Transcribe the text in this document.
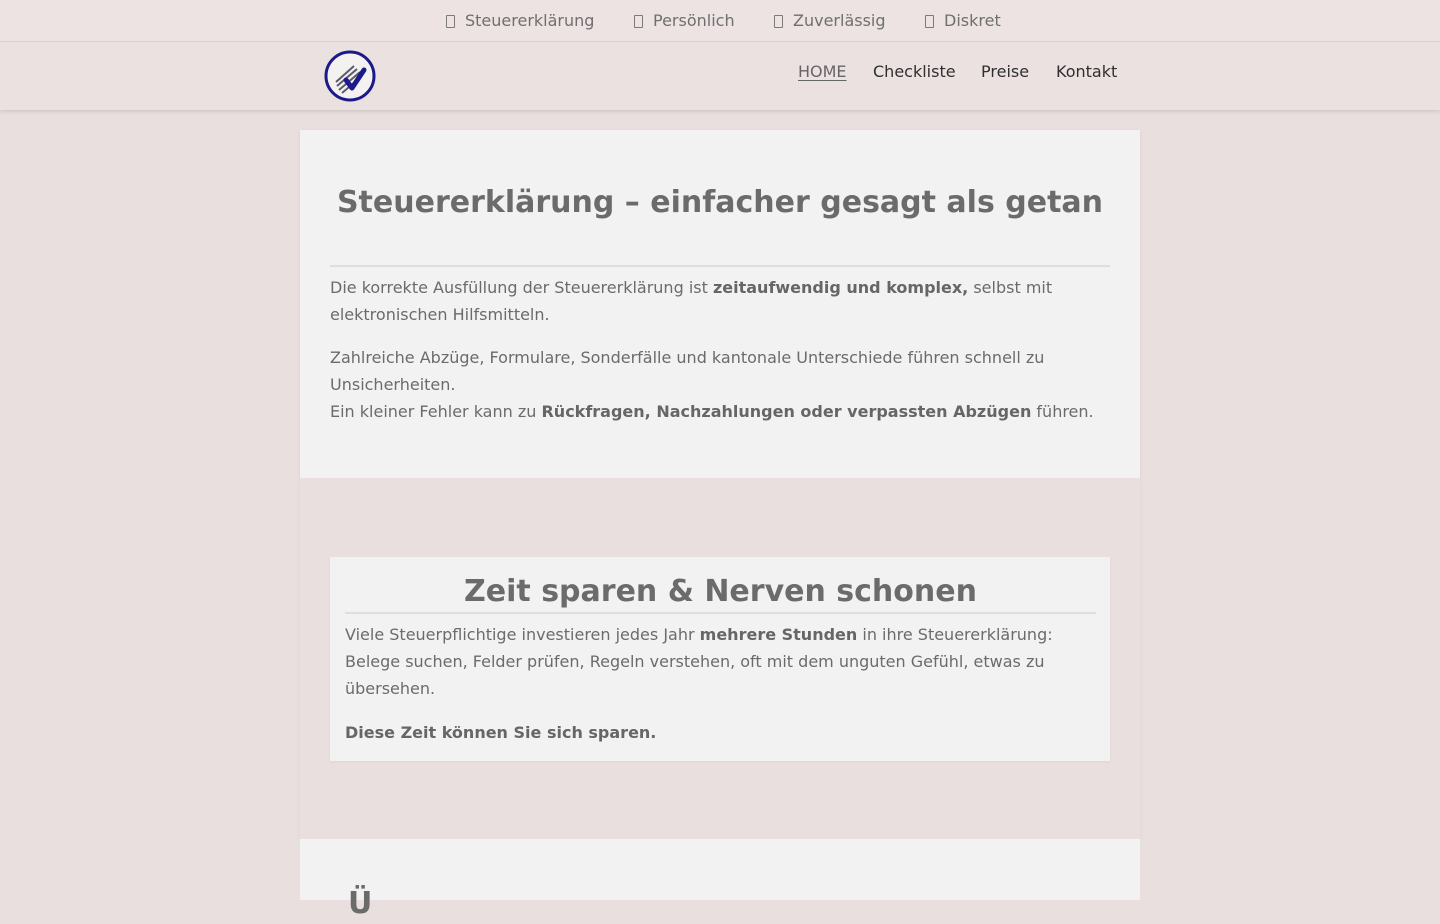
Steuererklärung	Persönlich	Zuverlässig	Diskret
HOME Checkliste Preise Kontakt
Steuererklärung – einfacher gesagt als getan

Die korrekte Ausfüllung der Steuererklärung ist zeitaufwendig und komplex, selbst mit elektronischen Hilfsmitteln.

Zahlreiche Abzüge, Formulare, Sonderfälle und kantonale Unterschiede führen schnell zu Unsicherheiten.
Ein kleiner Fehler kann zu Rückfragen, Nachzahlungen oder verpassten Abzügen führen.

Zeit sparen & Nerven schonen

Viele Steuerpflichtige investieren jedes Jahr mehrere Stunden in ihre Steuererklärung: Belege suchen, Felder prüfen, Regeln verstehen, oft mit dem unguten Gefühl, etwas zu übersehen.

Diese Zeit können Sie sich sparen.

Ü
